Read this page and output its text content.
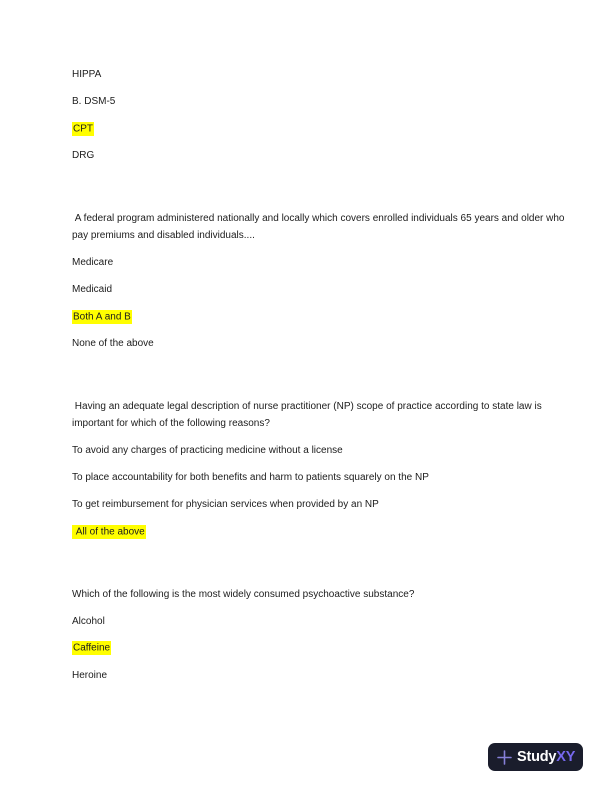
HIPPA

B. DSM-5

CPT

DRG

A federal program administered nationally and locally which covers enrolled individuals 65 years and older who pay premiums and disabled individuals....

Medicare

Medicaid

Both A and B

None of the above

Having an adequate legal description of nurse practitioner (NP) scope of practice according to state law is important for which of the following reasons?

To avoid any charges of practicing medicine without a license

To place accountability for both benefits and harm to patients squarely on the NP

To get reimbursement for physician services when provided by an NP

All of the above

Which of the following is the most widely consumed psychoactive substance?

Alcohol

Caffeine

Heroine

StudyXY
